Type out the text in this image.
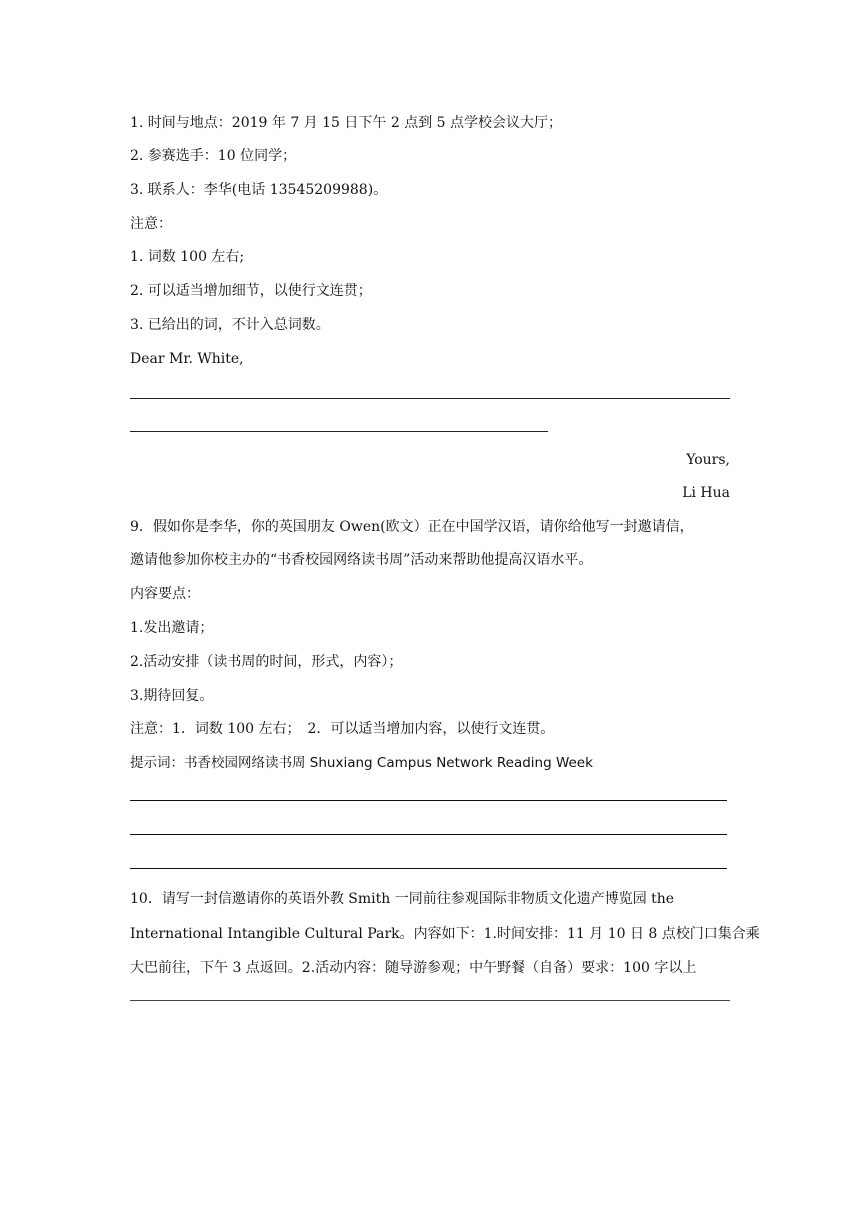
1. 时间与地点：2019 年 7 月 15 日下午 2 点到 5 点学校会议大厅；

2. 参赛选手：10 位同学；

3. 联系人：李华(电话 13545209988)。

注意：

1. 词数 100 左右;

2. 可以适当增加细节，以使行文连贯；

3. 已给出的词，不计入总词数。

Dear Mr. White,

Yours,

Li Hua

9．假如你是李华，你的英国朋友 Owen(欧文）正在中国学汉语，请你给他写一封邀请信，

邀请他参加你校主办的“书香校园网络读书周”活动来帮助他提高汉语水平。

内容要点：

1.发出邀请；

2.活动安排（读书周的时间，形式，内容）；

3.期待回复。

注意：1．词数 100 左右；　2．可以适当增加内容，以使行文连贯。

提示词：书香校园网络读书周 Shuxiang Campus Network Reading Week

10．请写一封信邀请你的英语外教 Smith 一同前往参观国际非物质文化遗产博览园 the

International Intangible Cultural Park。内容如下：1.时间安排：11 月 10 日 8 点校门口集合乘

大巴前往，下午 3 点返回。2.活动内容：随导游参观；中午野餐（自备）要求：100 字以上
